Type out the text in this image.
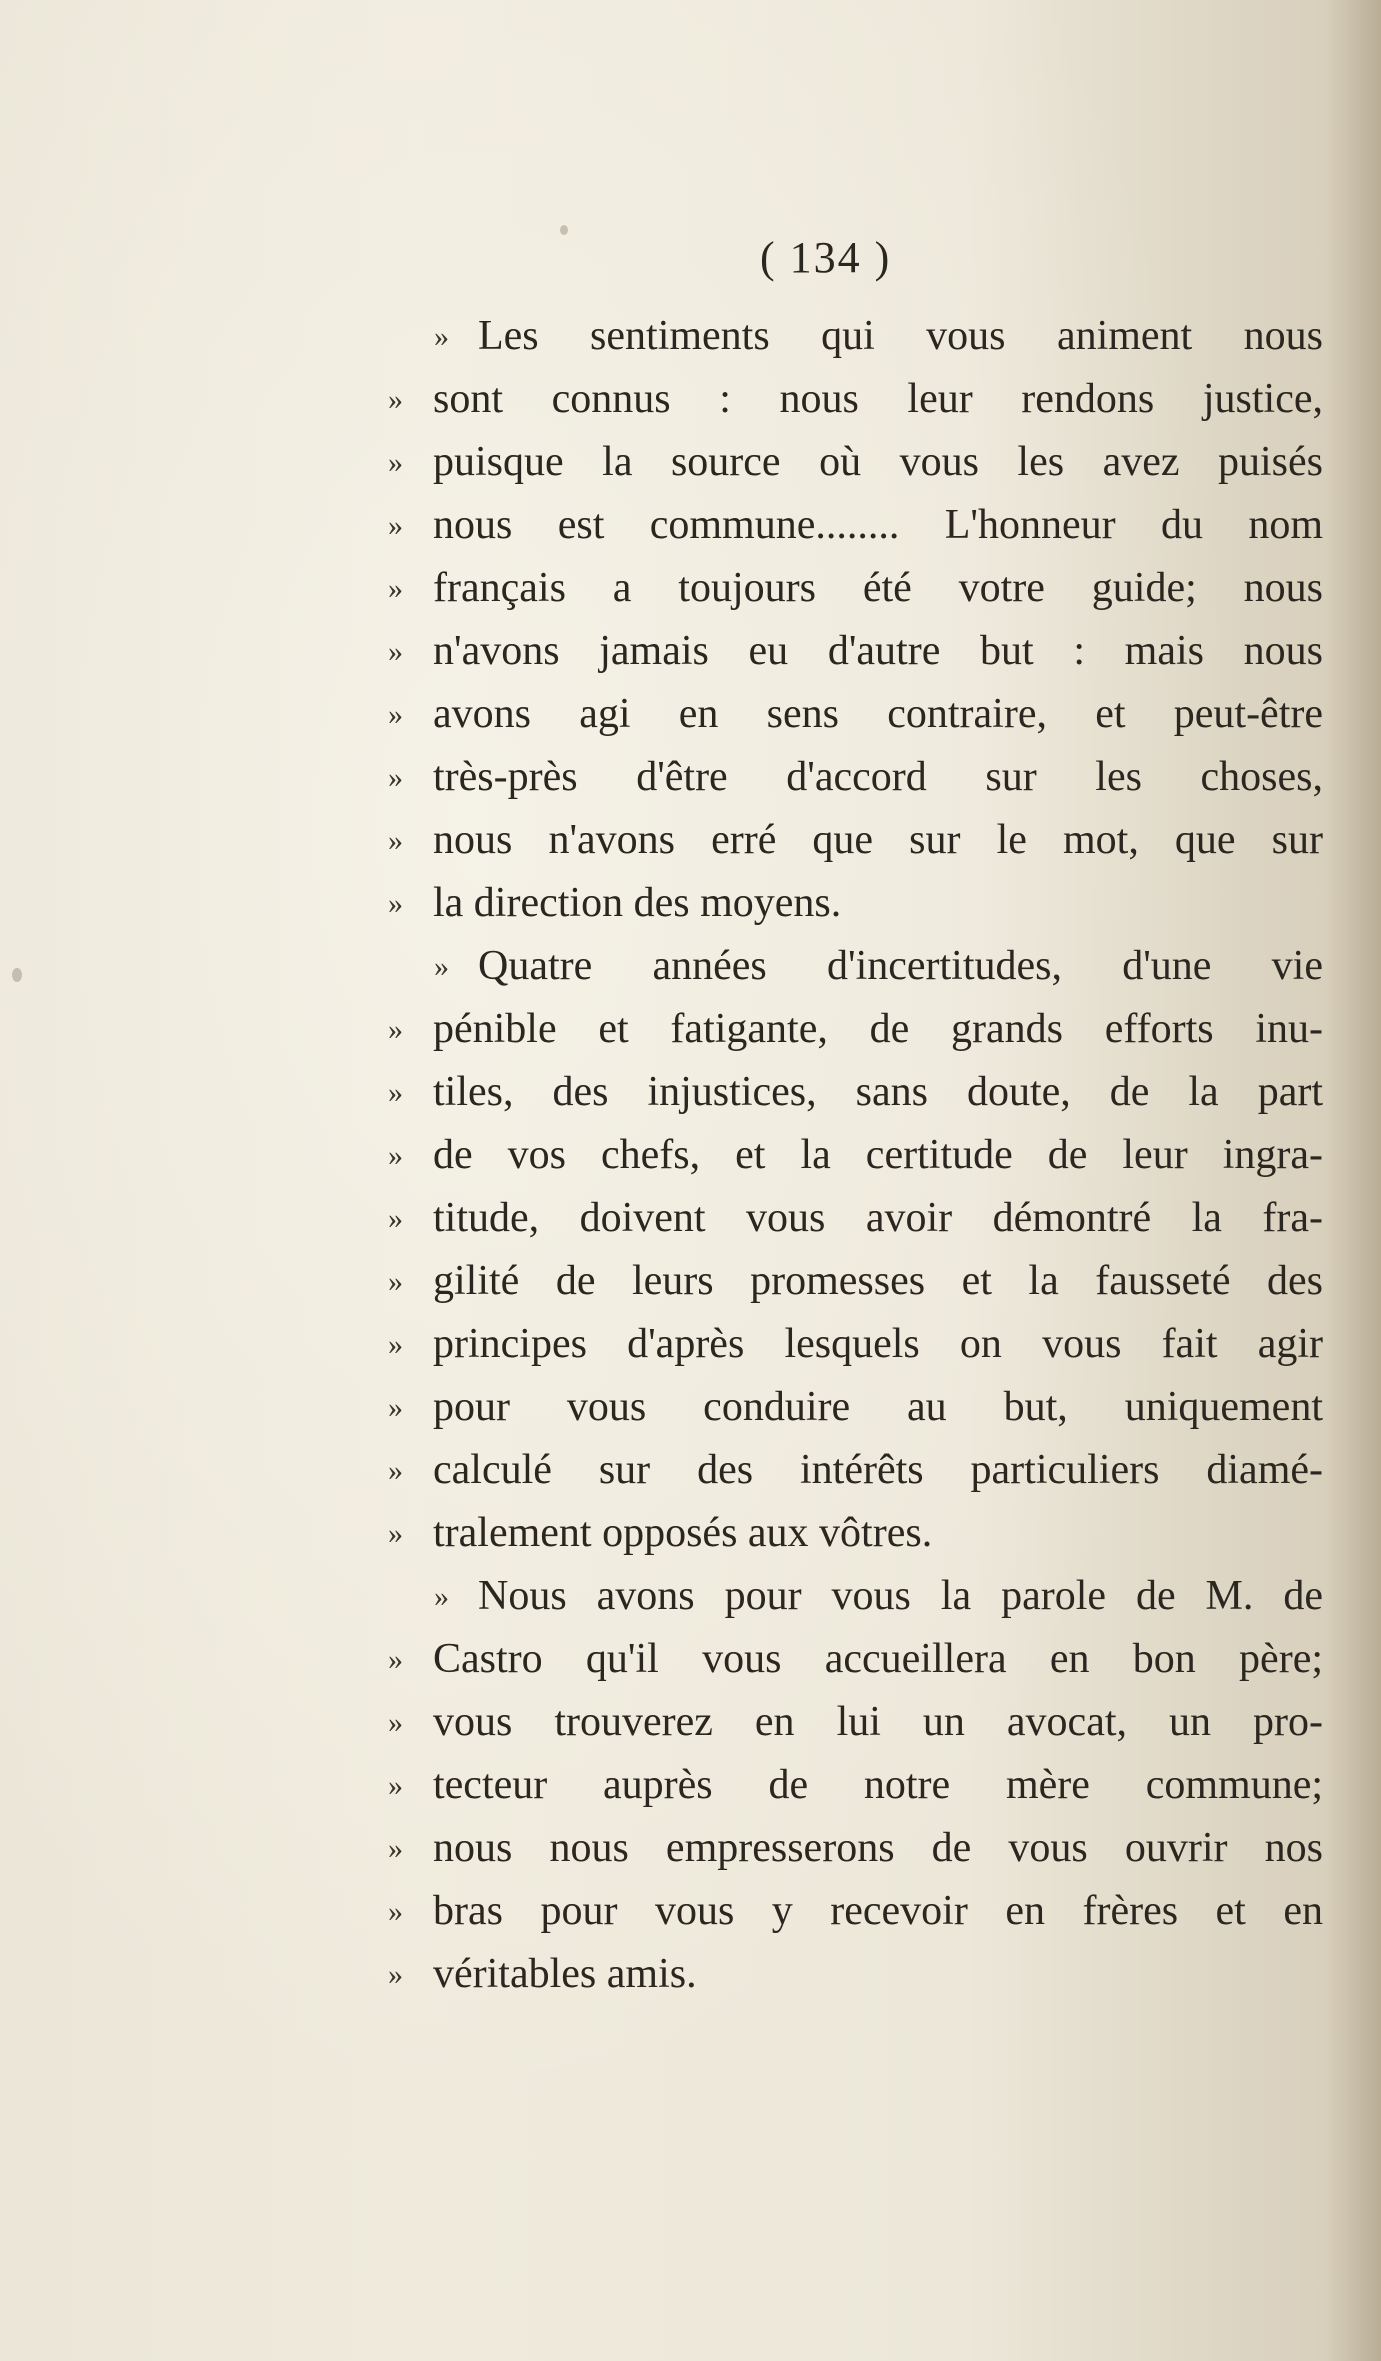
( 134 )
» Les sentiments qui vous animent nous
» sont connus : nous leur rendons justice,
» puisque la source où vous les avez puisés
» nous est commune........ L'honneur du nom
» français a toujours été votre guide; nous
» n'avons jamais eu d'autre but : mais nous
» avons agi en sens contraire, et peut-être
» très-près d'être d'accord sur les choses,
» nous n'avons erré que sur le mot, que sur
» la direction des moyens.
» Quatre années d'incertitudes, d'une vie
» pénible et fatigante, de grands efforts inu-
» tiles, des injustices, sans doute, de la part
» de vos chefs, et la certitude de leur ingra-
» titude, doivent vous avoir démontré la fra-
» gilité de leurs promesses et la fausseté des
» principes d'après lesquels on vous fait agir
» pour vous conduire au but, uniquement
» calculé sur des intérêts particuliers diamé-
» tralement opposés aux vôtres.
» Nous avons pour vous la parole de M. de
» Castro qu'il vous accueillera en bon père;
» vous trouverez en lui un avocat, un pro-
» tecteur auprès de notre mère commune;
» nous nous empresserons de vous ouvrir nos
» bras pour vous y recevoir en frères et en
» véritables amis.
